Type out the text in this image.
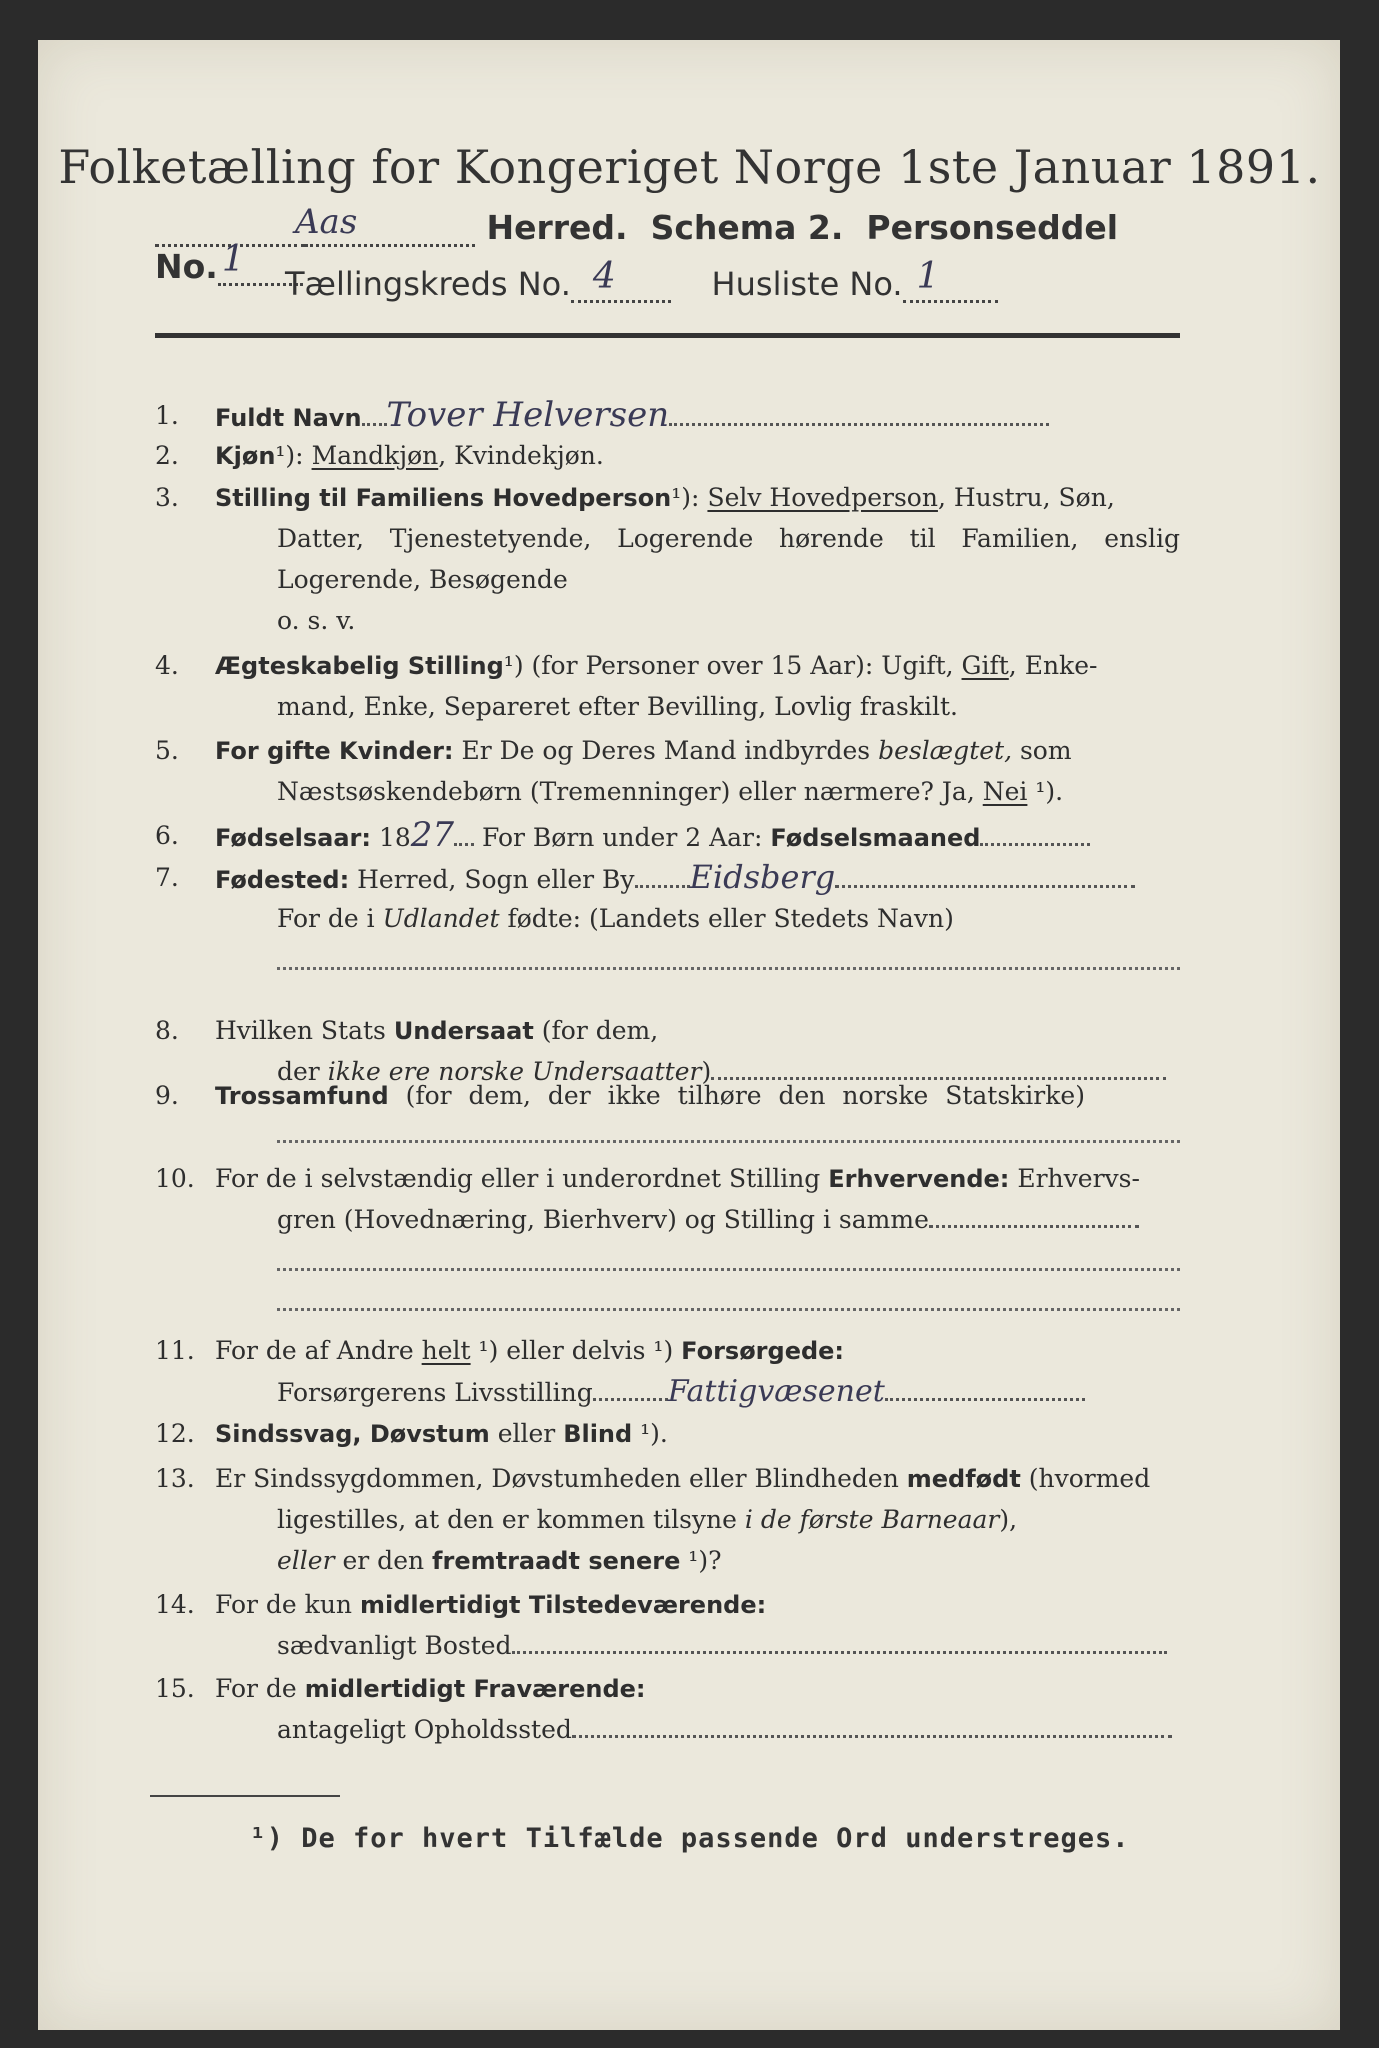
Folketælling for Kongeriget Norge 1ste Januar 1891.
Aas	Herred. Schema 2. Personseddel No. 1
Tællingskreds No. 4	Husliste No. 1
1.	Fuldt Navn Tover Helversen
2.	Kjøn¹): Mandkjøn, Kvindekjøn.
3.	Stilling til Familiens Hovedperson¹): Selv Hovedperson, Hustru, Søn,
Datter, Tjenestetyende, Logerende hørende til Familien, enslig
Logerende, Besøgende
o. s. v.
4.	Ægteskabelig Stilling¹) (for Personer over 15 Aar): Ugift, Gift, Enke-
mand, Enke, Separeret efter Bevilling, Lovlig fraskilt.
5.	For gifte Kvinder: Er De og Deres Mand indbyrdes beslægtet, som
Næstsøskendebørn (Tremenninger) eller nærmere? Ja, Nei ¹).
6.	Fødselsaar: 1827 For Børn under 2 Aar: Fødselsmaaned
7.	Fødested: Herred, Sogn eller By Eidsberg
For de i Udlandet fødte: (Landets eller Stedets Navn)
8.	Hvilken Stats Undersaat (for dem,
der ikke ere norske Undersaatter)
9.	Trossamfund (for dem, der ikke tilhøre den norske Statskirke)
10. For de i selvstændig eller i underordnet Stilling Erhvervende: Erhvervs-
gren (Hovednæring, Bierhverv) og Stilling i samme
11. For de af Andre helt ¹) eller delvis ¹) Forsørgede:
Forsørgerens Livsstilling	Fattigvæsenet
12. Sindssvag, Døvstum eller Blind ¹).
13. Er Sindssygdommen, Døvstumheden eller Blindheden medfødt (hvormed
ligestilles, at den er kommen tilsyne i de første Barneaar),
eller er den fremtraadt senere ¹)?
14. For de kun midlertidigt Tilstedeværende:
sædvanligt Bosted
15. For de midlertidigt Fraværende:
antageligt Opholdssted
¹) De for hvert Tilfælde passende Ord understreges.
